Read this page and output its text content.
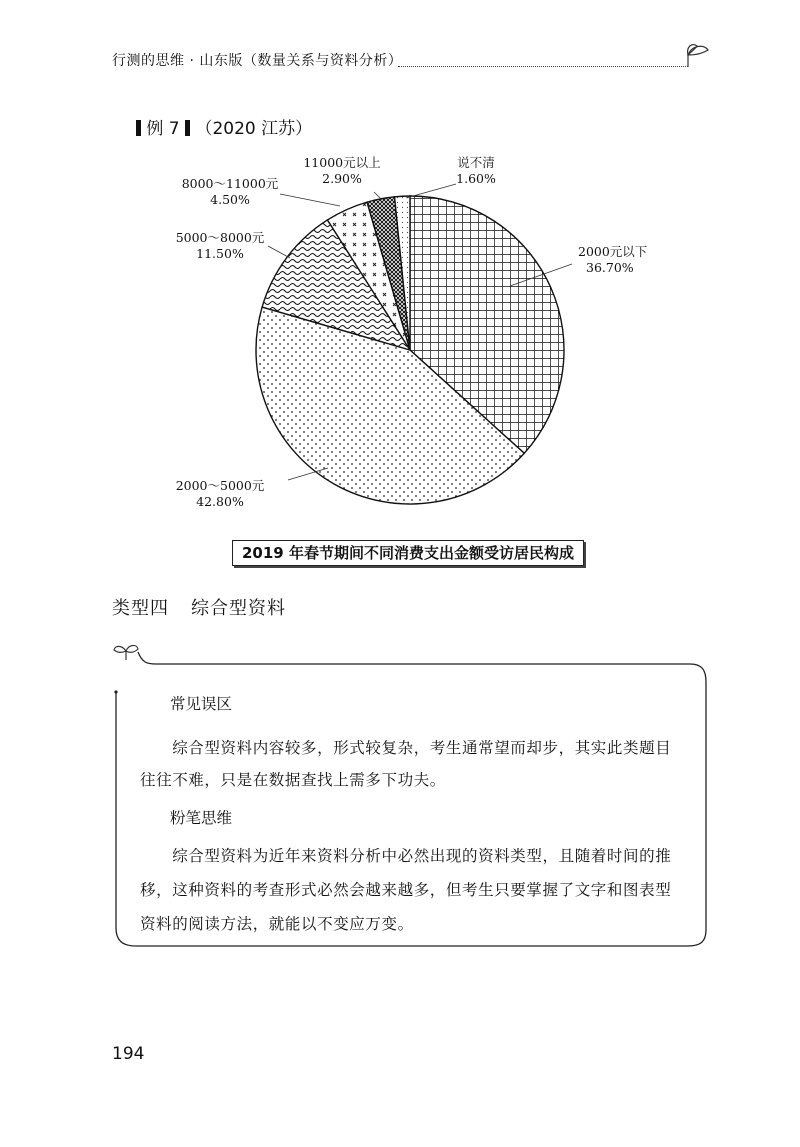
行测的思维 · 山东版（数量关系与资料分析）
例 7 （2020 江苏）
2000元以下
36.70%
2000～5000元
42.80%
5000～8000元
11.50%
8000～11000元
4.50%
11000元以上
2.90%
说不清
1.60%
2019 年春节期间不同消费支出金额受访居民构成
类型四 综合型资料
常见误区
　　综合型资料内容较多，形式较复杂，考生通常望而却步，其实此类题目
往往不难，只是在数据查找上需多下功夫。
粉笔思维
　　综合型资料为近年来资料分析中必然出现的资料类型，且随着时间的推
移，这种资料的考查形式必然会越来越多，但考生只要掌握了文字和图表型
资料的阅读方法，就能以不变应万变。
194
